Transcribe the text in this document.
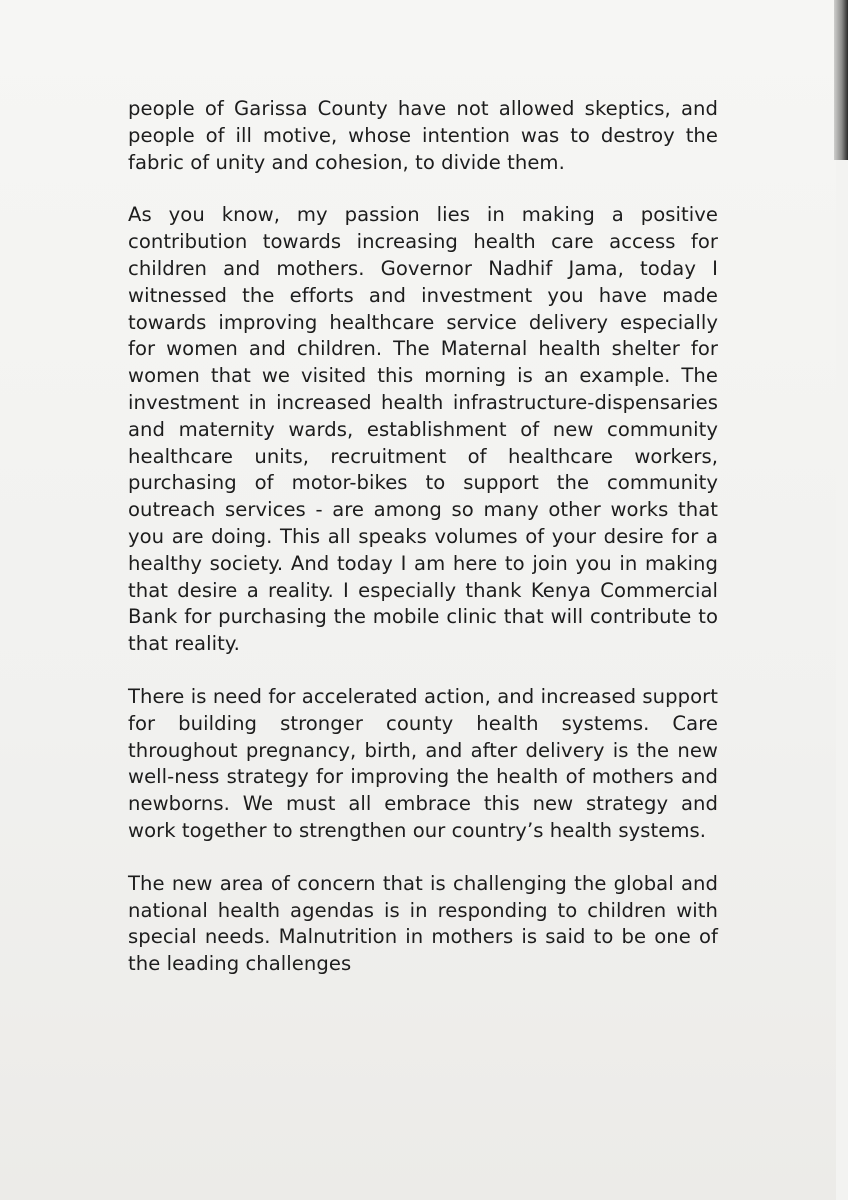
people of Garissa County have not allowed skeptics, and people of ill motive, whose intention was to destroy the fabric of unity and cohesion, to divide them.

As you know, my passion lies in making a positive contribution towards increasing health care access for children and mothers. Governor Nadhif Jama, today I witnessed the efforts and investment you have made towards improving healthcare service delivery especially for women and children. The Maternal health shelter for women that we visited this morning is an example. The investment in increased health infrastructure-dispensaries and maternity wards, establishment of new community healthcare units, recruitment of healthcare workers, purchasing of motor-bikes to support the community outreach services - are among so many other works that you are doing. This all speaks volumes of your desire for a healthy society. And today I am here to join you in making that desire a reality. I especially thank Kenya Commercial Bank for purchasing the mobile clinic that will contribute to that reality.

There is need for accelerated action, and increased support for building stronger county health systems. Care throughout pregnancy, birth, and after delivery is the new well-ness strategy for improving the health of mothers and newborns. We must all embrace this new strategy and work together to strengthen our country’s health systems.

The new area of concern that is challenging the global and national health agendas is in responding to children with special needs. Malnutrition in mothers is said to be one of the leading challenges
